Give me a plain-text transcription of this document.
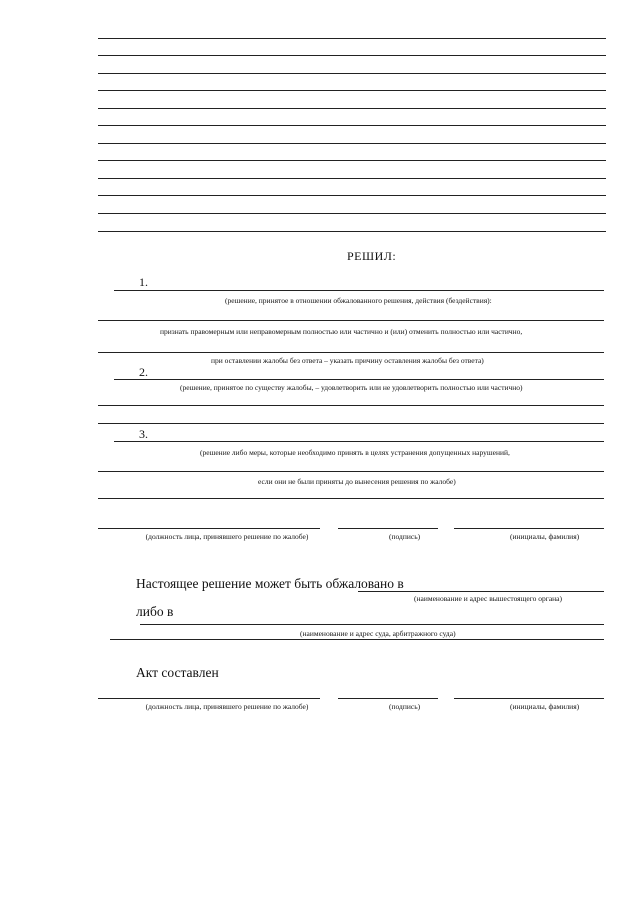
РЕШИЛ:
1.
(решение, принятое в отношении обжалованного решения, действия (бездействия):
признать правомерным или неправомерным полностью или частично и (или) отменить полностью или частично,
при оставлении жалобы без ответа – указать причину оставления жалобы без ответа)
2.
(решение, принятое по существу жалобы, – удовлетворить или не удовлетворить полностью или частично)
3.
(решение либо меры, которые необходимо принять в целях устранения допущенных нарушений,
если они не были приняты до вынесения решения по жалобе)
(должность лица, принявшего решение по жалобе)	(подпись)	(инициалы, фамилия)
Настоящее решение может быть обжаловано в
(наименование и адрес вышестоящего органа)
либо в
(наименование и адрес суда, арбитражного суда)
Акт составлен
(должность лица, принявшего решение по жалобе)	(подпись)	(инициалы, фамилия)
